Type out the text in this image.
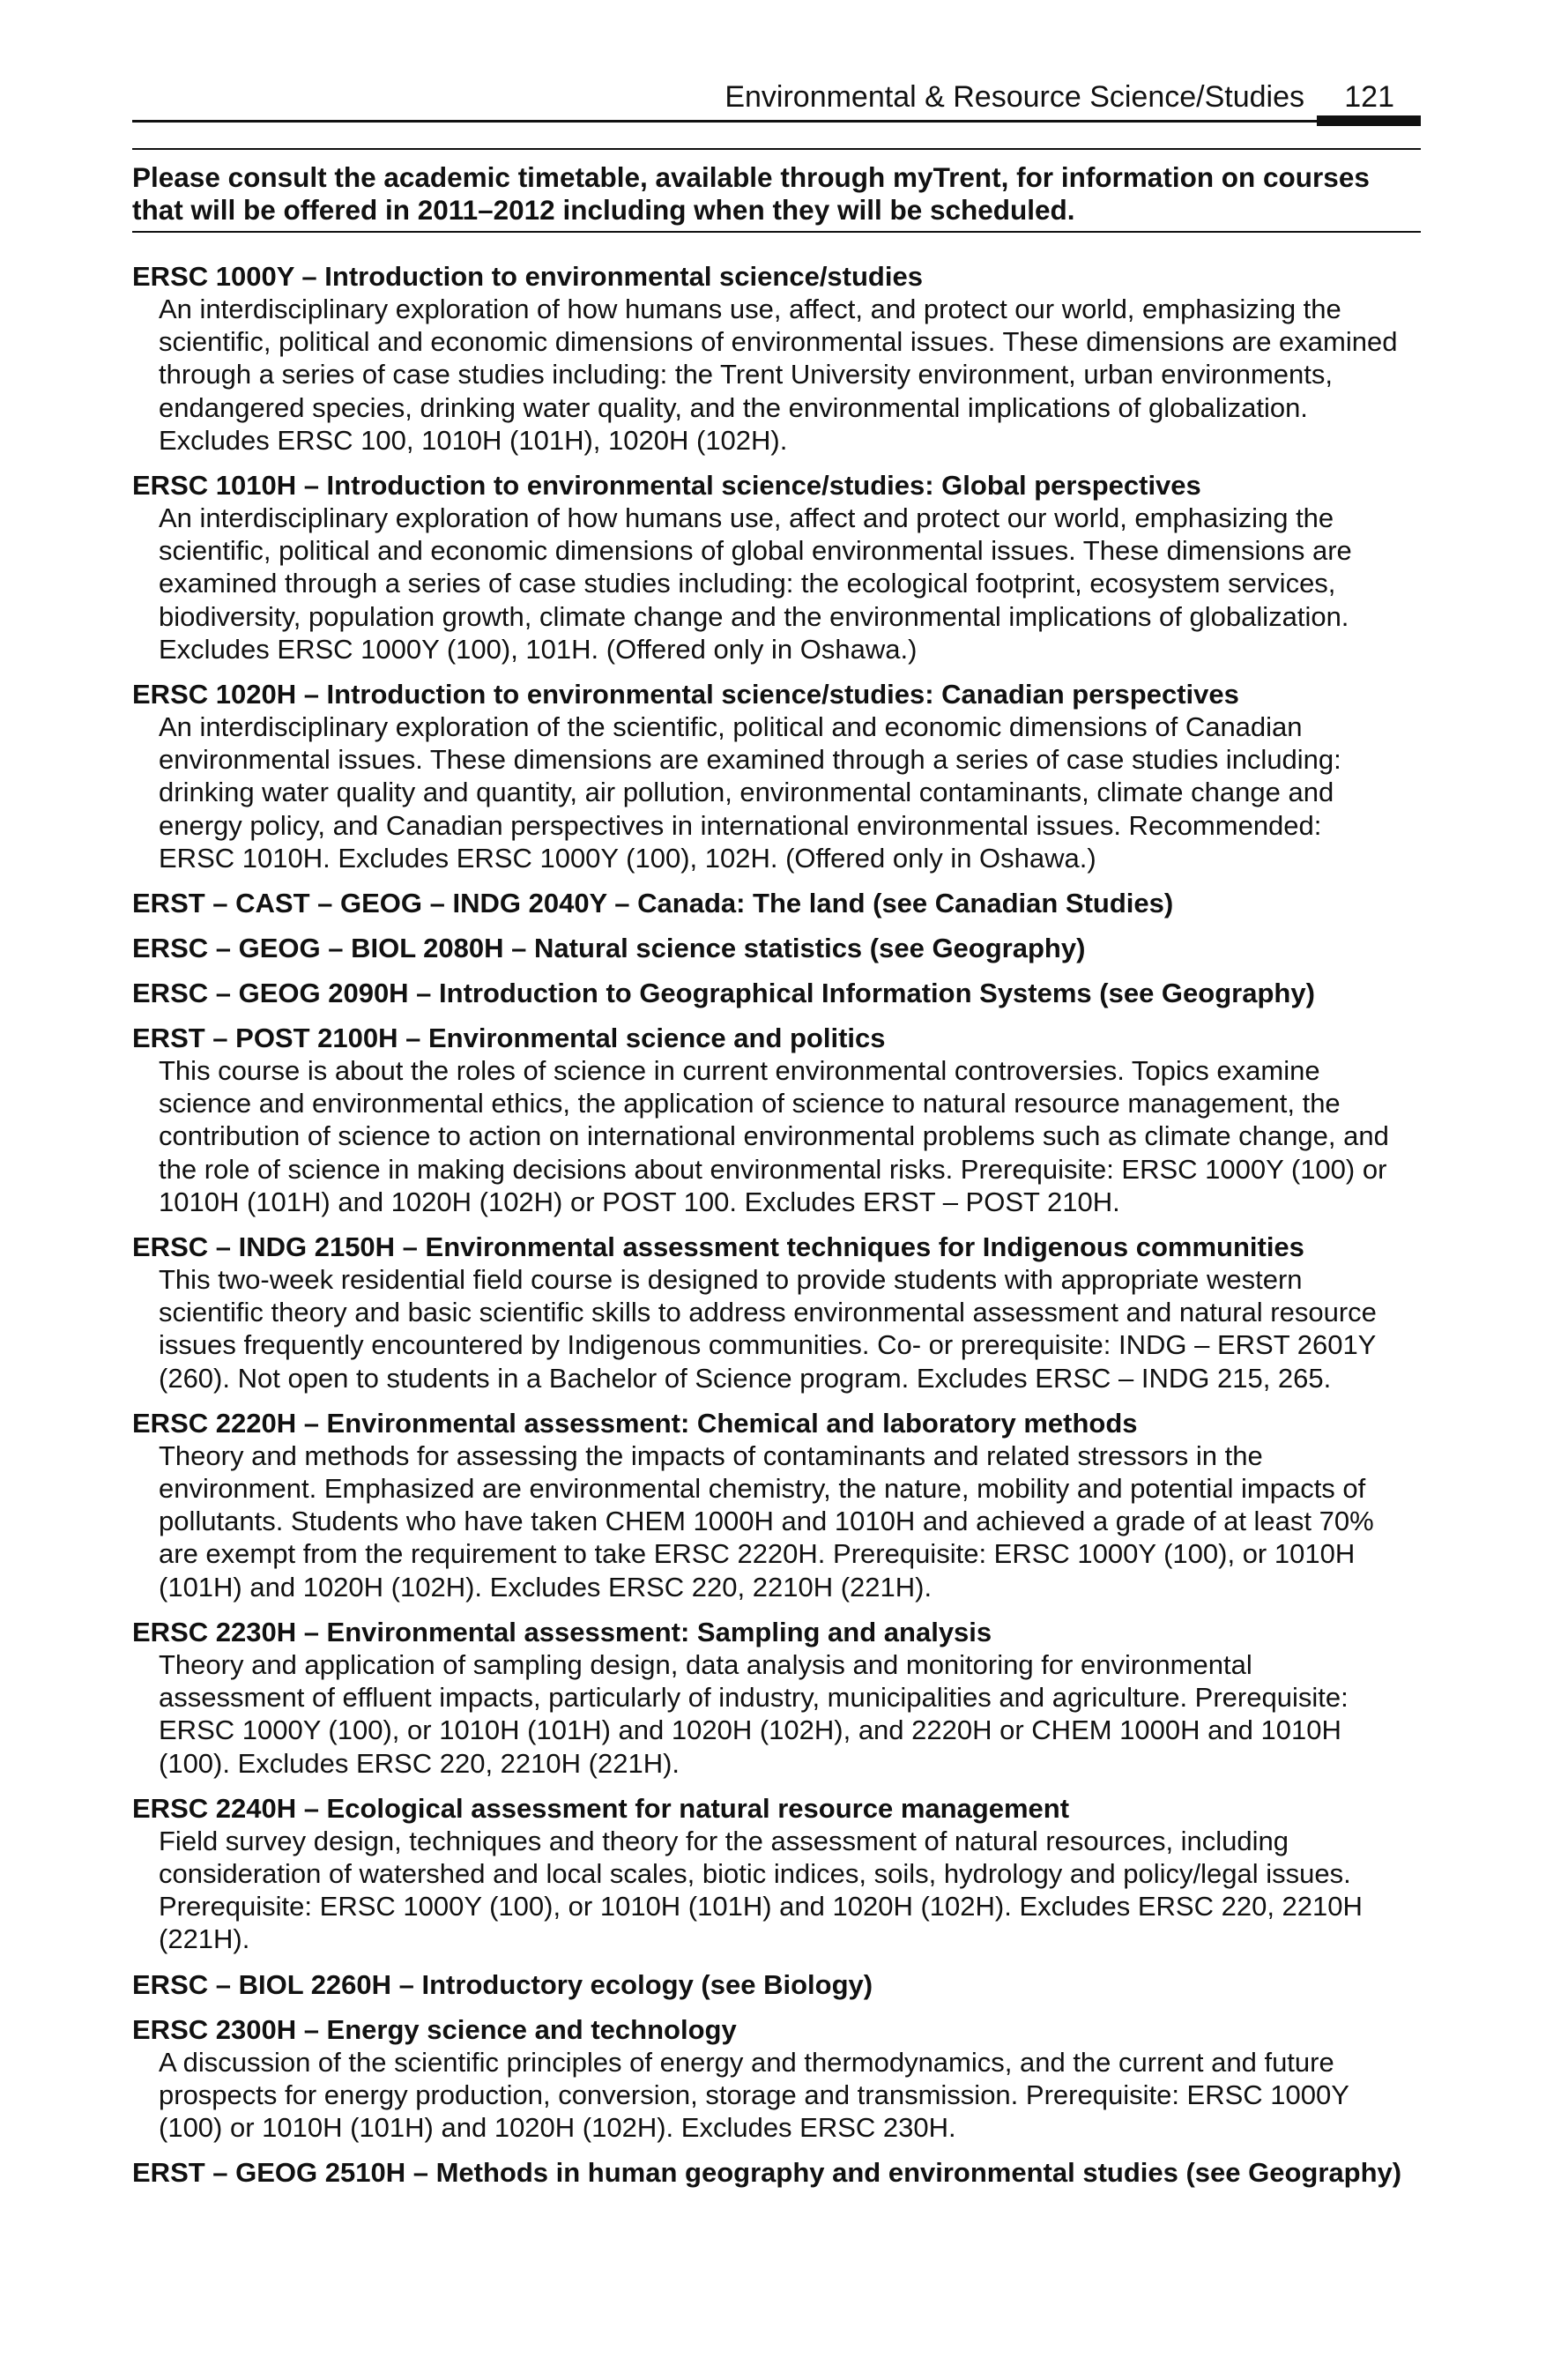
Environmental & Resource Science/Studies 121
Please consult the academic timetable, available through myTrent, for information on courses that will be offered in 2011–2012 including when they will be scheduled.
ERSC 1000Y – Introduction to environmental science/studies
An interdisciplinary exploration of how humans use, affect, and protect our world, emphasizing the scientific, political and economic dimensions of environmental issues. These dimensions are examined through a series of case studies including: the Trent University environment, urban environments, endangered species, drinking water quality, and the environmental implications of globalization. Excludes ERSC 100, 1010H (101H), 1020H (102H).
ERSC 1010H – Introduction to environmental science/studies: Global perspectives
An interdisciplinary exploration of how humans use, affect and protect our world, emphasizing the scientific, political and economic dimensions of global environmental issues. These dimensions are examined through a series of case studies including: the ecological footprint, ecosystem services, biodiversity, population growth, climate change and the environmental implications of globalization. Excludes ERSC 1000Y (100), 101H. (Offered only in Oshawa.)
ERSC 1020H – Introduction to environmental science/studies: Canadian perspectives
An interdisciplinary exploration of the scientific, political and economic dimensions of Canadian environmental issues. These dimensions are examined through a series of case studies including: drinking water quality and quantity, air pollution, environmental contaminants, climate change and energy policy, and Canadian perspectives in international environmental issues. Recommended: ERSC 1010H. Excludes ERSC 1000Y (100), 102H. (Offered only in Oshawa.)
ERST – CAST – GEOG – INDG 2040Y – Canada: The land (see Canadian Studies)
ERSC – GEOG – BIOL 2080H – Natural science statistics (see Geography)
ERSC – GEOG 2090H – Introduction to Geographical Information Systems (see Geography)
ERST – POST 2100H – Environmental science and politics
This course is about the roles of science in current environmental controversies. Topics examine science and environmental ethics, the application of science to natural resource management, the contribution of science to action on international environmental problems such as climate change, and the role of science in making decisions about environmental risks. Prerequisite: ERSC 1000Y (100) or 1010H (101H) and 1020H (102H) or POST 100. Excludes ERST – POST 210H.
ERSC – INDG 2150H – Environmental assessment techniques for Indigenous communities
This two-week residential field course is designed to provide students with appropriate western scientific theory and basic scientific skills to address environmental assessment and natural resource issues frequently encountered by Indigenous communities. Co- or prerequisite: INDG – ERST 2601Y (260). Not open to students in a Bachelor of Science program. Excludes ERSC – INDG 215, 265.
ERSC 2220H – Environmental assessment: Chemical and laboratory methods
Theory and methods for assessing the impacts of contaminants and related stressors in the environment. Emphasized are environmental chemistry, the nature, mobility and potential impacts of pollutants. Students who have taken CHEM 1000H and 1010H and achieved a grade of at least 70% are exempt from the requirement to take ERSC 2220H. Prerequisite: ERSC 1000Y (100), or 1010H (101H) and 1020H (102H). Excludes ERSC 220, 2210H (221H).
ERSC 2230H – Environmental assessment: Sampling and analysis
Theory and application of sampling design, data analysis and monitoring for environmental assessment of effluent impacts, particularly of industry, municipalities and agriculture. Prerequisite: ERSC 1000Y (100), or 1010H (101H) and 1020H (102H), and 2220H or CHEM 1000H and 1010H (100). Excludes ERSC 220, 2210H (221H).
ERSC 2240H – Ecological assessment for natural resource management
Field survey design, techniques and theory for the assessment of natural resources, including consideration of watershed and local scales, biotic indices, soils, hydrology and policy/legal issues. Prerequisite: ERSC 1000Y (100), or 1010H (101H) and 1020H (102H). Excludes ERSC 220, 2210H (221H).
ERSC – BIOL 2260H – Introductory ecology (see Biology)
ERSC 2300H – Energy science and technology
A discussion of the scientific principles of energy and thermodynamics, and the current and future prospects for energy production, conversion, storage and transmission. Prerequisite: ERSC 1000Y (100) or 1010H (101H) and 1020H (102H). Excludes ERSC 230H.
ERST – GEOG 2510H – Methods in human geography and environmental studies (see Geography)
